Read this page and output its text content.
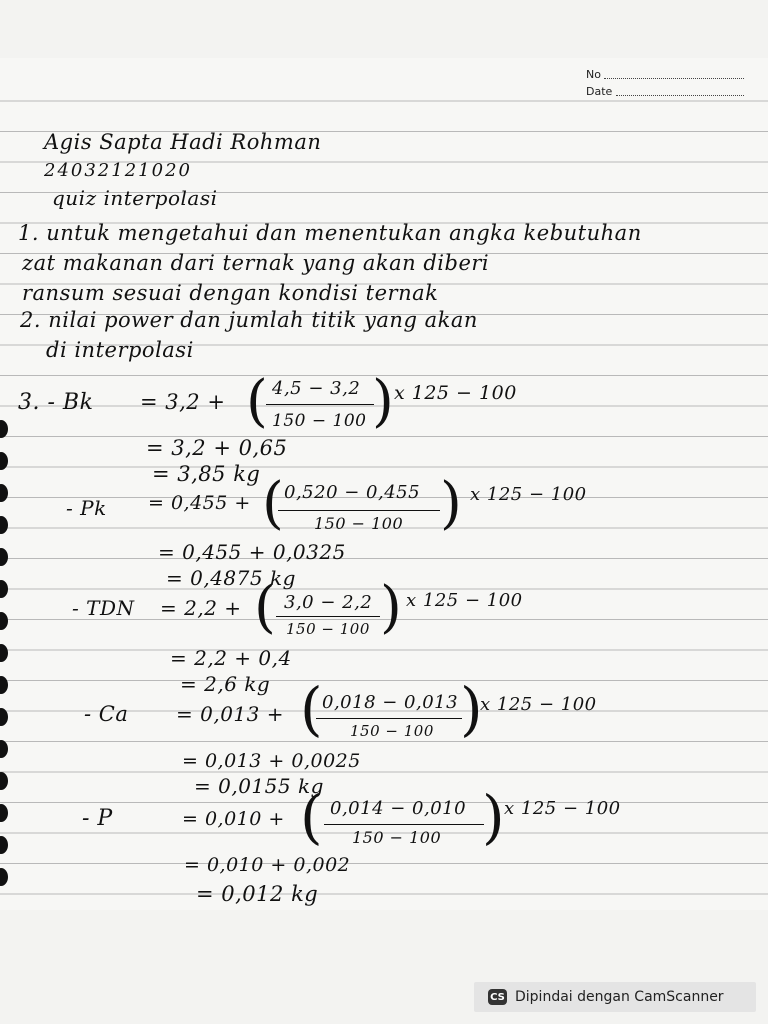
No
Date
Agis Sapta Hadi Rohman
24032121020
quiz interpolasi
1. untuk mengetahui dan menentukan angka kebutuhan
zat makanan dari ternak yang akan diberi
ransum sesuai dengan kondisi ternak
2. nilai power dan jumlah titik yang akan
di interpolasi
3. - Bk = 3,2 + ( 4,5 − 3,2
150 − 100 ) x 125 − 100
= 3,2 + 0,65
= 3,85 kg
- Pk = 0,455 + ( 0,520 − 0,455
150 − 100 ) x 125 − 100
= 0,455 + 0,0325
= 0,4875 kg
- TDN = 2,2 + ( 3,0 − 2,2
150 − 100 ) x 125 − 100
= 2,2 + 0,4
= 2,6 kg
- Ca = 0,013 + ( 0,018 − 0,013
150 − 100 )
x 125 − 100
= 0,013 + 0,0025
= 0,0155 kg
- P	= 0,010 + ( 0,014 − 0,010
150 − 100 ) x 125 − 100
= 0,010 + 0,002
= 0,012 kg
CS Dipindai dengan CamScanner
